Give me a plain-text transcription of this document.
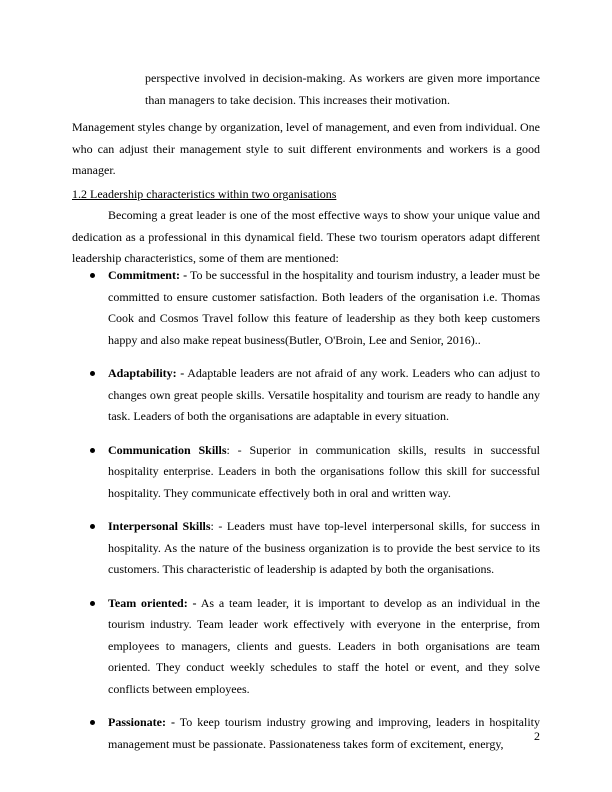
perspective involved in decision-making. As workers are given more importance than managers to take decision. This increases their motivation.

Management styles change by organization, level of management, and even from individual. One who can adjust their management style to suit different environments and workers is a good manager.

1.2 Leadership characteristics within two organisations

Becoming a great leader is one of the most effective ways to show your unique value and dedication as a professional in this dynamical field. These two tourism operators adapt different leadership characteristics, some of them are mentioned:

Commitment: - To be successful in the hospitality and tourism industry, a leader must be committed to ensure customer satisfaction. Both leaders of the organisation i.e. Thomas Cook and Cosmos Travel follow this feature of leadership as they both keep customers happy and also make repeat business(Butler, O'Broin, Lee and Senior, 2016)..
Adaptability: - Adaptable leaders are not afraid of any work. Leaders who can adjust to changes own great people skills. Versatile hospitality and tourism are ready to handle any task. Leaders of both the organisations are adaptable in every situation.
Communication Skills: - Superior in communication skills, results in successful hospitality enterprise. Leaders in both the organisations follow this skill for successful hospitality. They communicate effectively both in oral and written way.
Interpersonal Skills: - Leaders must have top-level interpersonal skills, for success in hospitality. As the nature of the business organization is to provide the best service to its customers. This characteristic of leadership is adapted by both the organisations.
Team oriented: - As a team leader, it is important to develop as an individual in the tourism industry. Team leader work effectively with everyone in the enterprise, from employees to managers, clients and guests. Leaders in both organisations are team oriented. They conduct weekly schedules to staff the hotel or event, and they solve conflicts between employees.
Passionate: - To keep tourism industry growing and improving, leaders in hospitality management must be passionate. Passionateness takes form of excitement, energy,
2
